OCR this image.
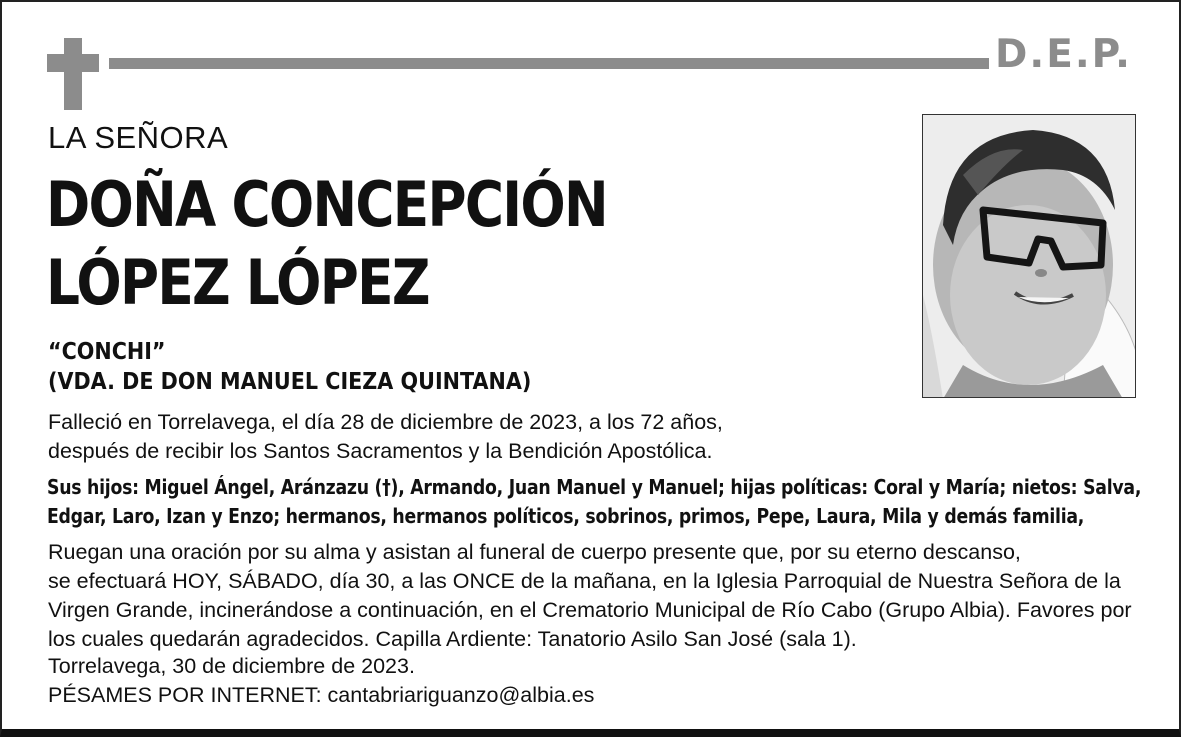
D.E.P.
LA SEÑORA
DOÑA CONCEPCIÓN
LÓPEZ LÓPEZ
“CONCHI”
(VDA. DE DON MANUEL CIEZA QUINTANA)
Falleció en Torrelavega, el día 28 de diciembre de 2023, a los 72 años,
después de recibir los Santos Sacramentos y la Bendición Apostólica.
Sus hijos: Miguel Ángel, Aránzazu (†), Armando, Juan Manuel y Manuel; hijas políticas: Coral y María; nietos: Salva,
Edgar, Laro, Izan y Enzo; hermanos, hermanos políticos, sobrinos, primos, Pepe, Laura, Mila y demás familia,
Ruegan una oración por su alma y asistan al funeral de cuerpo presente que, por su eterno descanso,
se efectuará HOY, SÁBADO, día 30, a las ONCE de la mañana, en la Iglesia Parroquial de Nuestra Señora de la
Virgen Grande, incinerándose a continuación, en el Crematorio Municipal de Río Cabo (Grupo Albia). Favores por
los cuales quedarán agradecidos. Capilla Ardiente: Tanatorio Asilo San José (sala 1).
Torrelavega, 30 de diciembre de 2023.
PÉSAMES POR INTERNET: cantabriariguanzo@albia.es
